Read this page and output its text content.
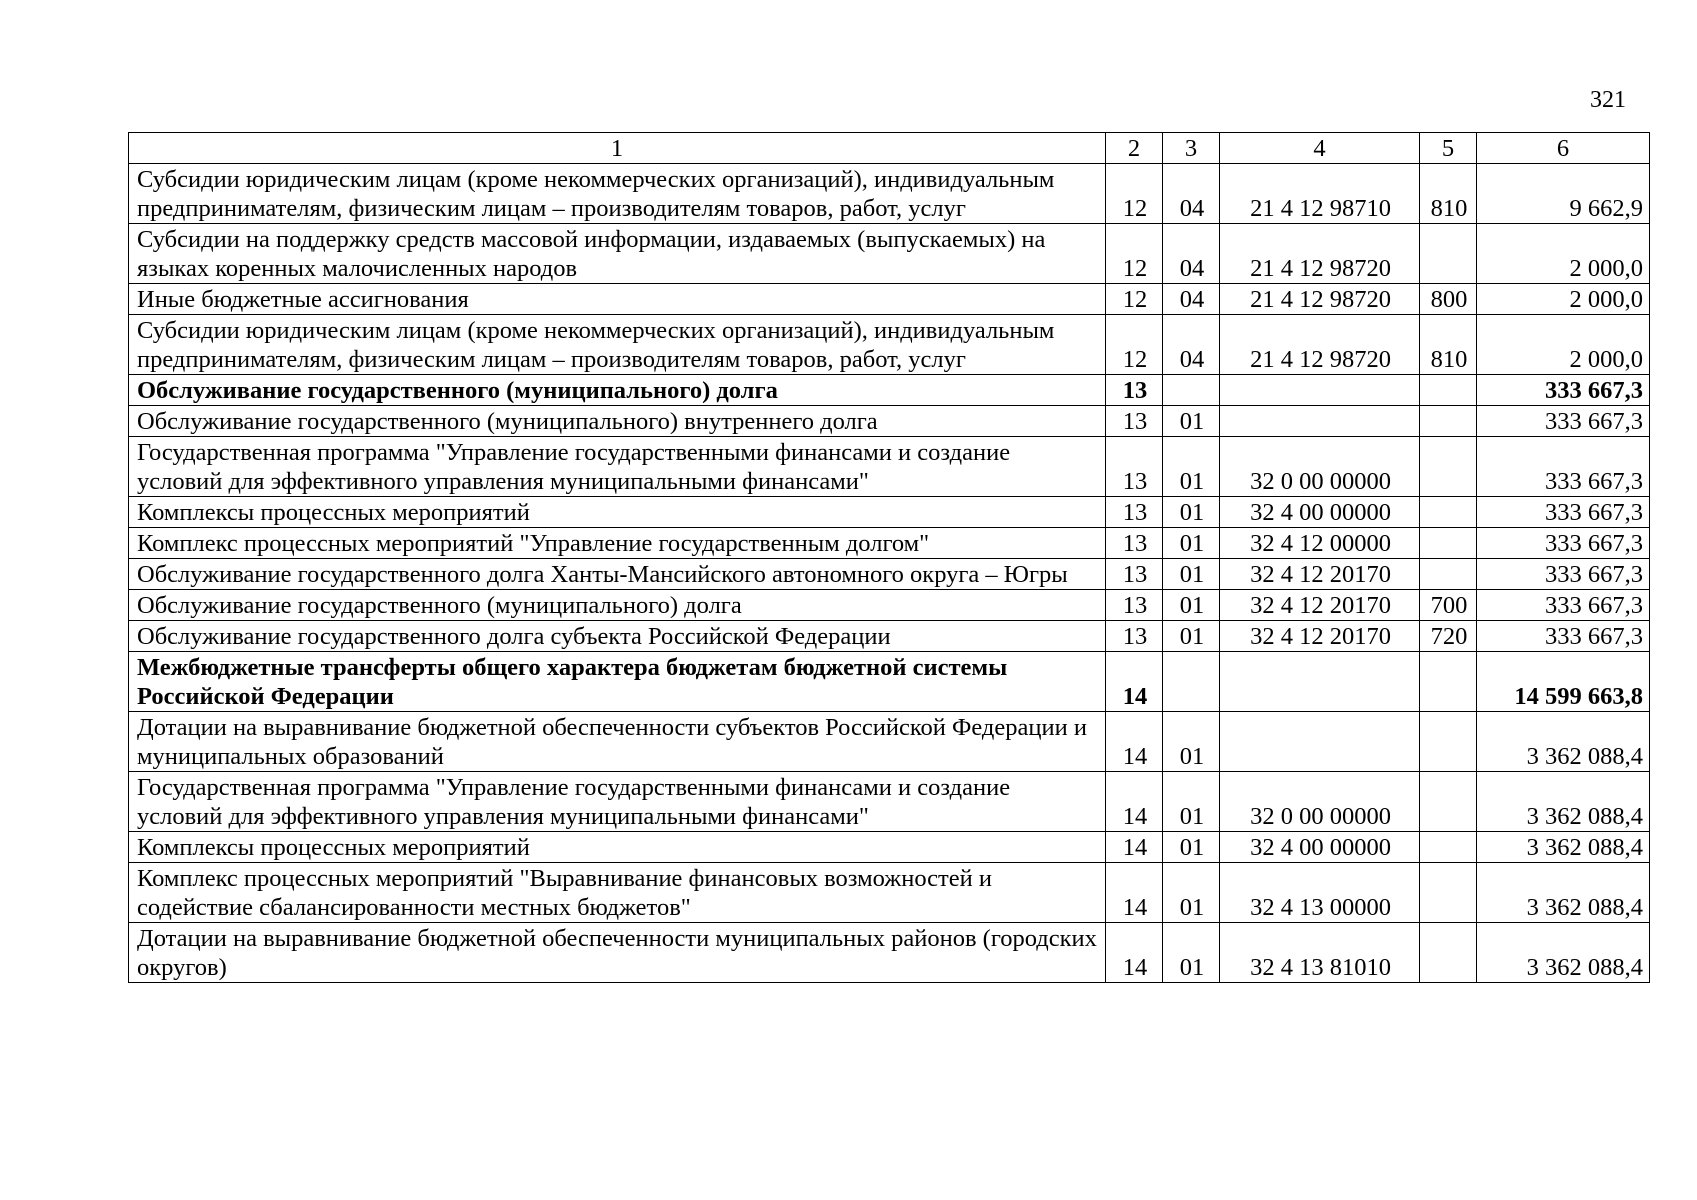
321
1	2	3	4	5	6
Субсидии юридическим лицам (кроме некоммерческих организаций), индивидуальным предпринимателям, физическим лицам – производителям товаров, работ, услуг	12	04	21 4 12 98710	810	9 662,9
Субсидии на поддержку средств массовой информации, издаваемых (выпускаемых) на языках коренных малочисленных народов	12	04	21 4 12 98720		2 000,0
Иные бюджетные ассигнования	12	04	21 4 12 98720	800	2 000,0
Субсидии юридическим лицам (кроме некоммерческих организаций), индивидуальным предпринимателям, физическим лицам – производителям товаров, работ, услуг	12	04	21 4 12 98720	810	2 000,0
Обслуживание государственного (муниципального) долга	13				333 667,3
Обслуживание государственного (муниципального) внутреннего долга	13	01			333 667,3
Государственная программа "Управление государственными финансами и создание условий для эффективного управления муниципальными финансами"	13	01	32 0 00 00000		333 667,3
Комплексы процессных мероприятий	13	01	32 4 00 00000		333 667,3
Комплекс процессных мероприятий "Управление государственным долгом"	13	01	32 4 12 00000		333 667,3
Обслуживание государственного долга Ханты-Мансийского автономного округа – Югры	13	01	32 4 12 20170		333 667,3
Обслуживание государственного (муниципального) долга	13	01	32 4 12 20170	700	333 667,3
Обслуживание государственного долга субъекта Российской Федерации	13	01	32 4 12 20170	720	333 667,3
Межбюджетные трансферты общего характера бюджетам бюджетной системы Российской Федерации	14				14 599 663,8
Дотации на выравнивание бюджетной обеспеченности субъектов Российской Федерации и муниципальных образований	14	01			3 362 088,4
Государственная программа "Управление государственными финансами и создание условий для эффективного управления муниципальными финансами"	14	01	32 0 00 00000		3 362 088,4
Комплексы процессных мероприятий	14	01	32 4 00 00000		3 362 088,4
Комплекс процессных мероприятий "Выравнивание финансовых возможностей и содействие сбалансированности местных бюджетов"	14	01	32 4 13 00000		3 362 088,4
Дотации на выравнивание бюджетной обеспеченности муниципальных районов (городских округов)	14	01	32 4 13 81010		3 362 088,4
